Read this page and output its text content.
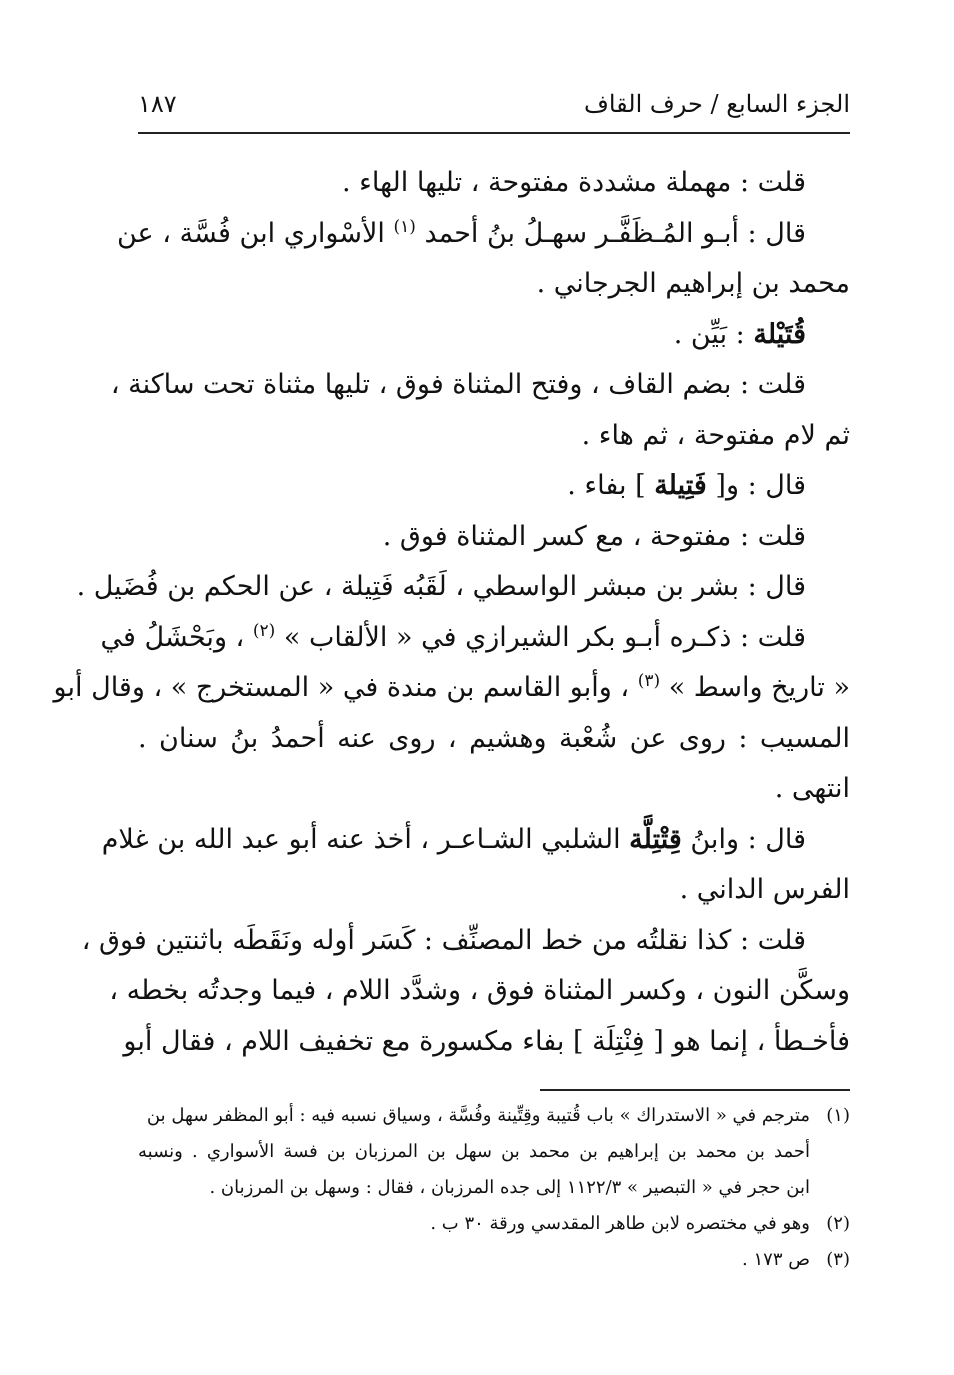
١٨٧	الجزء السابع / حرف القاف
قلت : مهملة مشددة مفتوحة ، تليها الهاء .
قال : أبـو المُـظَفَّـر سهـلُ بنُ أحمد $^{(١)}$ الأسْواري ابن فُسَّة ، عن
محمد بن إبراهيم الجرجاني .
قُتَيْلة : بَيِّن .
قلت : بضم القاف ، وفتح المثناة فوق ، تليها مثناة تحت ساكنة ،
ثم لام مفتوحة ، ثم هاء .
قال : و[ فَتِيلة ] بفاء .
قلت : مفتوحة ، مع كسر المثناة فوق .
قال : بشر بن مبشر الواسطي ، لَقَبُه فَتِيلة ، عن الحكم بن فُضَيل .
قلت : ذكـره أبـو بكر الشيرازي في « الألقاب » $^{(٢)}$ ، وبَحْشَلُ في
« تاريخ واسط » $^{(٣)}$ ، وأبو القاسم بن مندة في « المستخرج » ، وقال أبو
المسيب : روى عن شُعْبة وهشيم ، روى عنه أحمدُ بنُ سنان .
انتهى .
قال : وابنُ قِتْتِلَّة الشلبي الشـاعـر ، أخذ عنه أبو عبد الله بن غلام
الفرس الداني .
قلت : كذا نقلتُه من خط المصنِّف : كَسَر أوله ونَقَطَه باثنتين فوق ،
وسكَّن النون ، وكسر المثناة فوق ، وشدَّد اللام ، فيما وجدتُه بخطه ،
فأخـطأ ، إنما هو [ فِنْتِلَة ] بفاء مكسورة مع تخفيف اللام ، فقال أبو
(١)مترجم في « الاستدراك » باب قُتيبة وقِتِّينة وفُسَّة ، وسياق نسبه فيه : أبو المظفر سهل بن
أحمد بن محمد بن إبراهيم بن محمد بن سهل بن المرزبان بن فسة الأسواري . ونسبه
ابن حجر في « التبصير » ١١٢٢/٣ إلى جده المرزبان ، فقال : وسهل بن المرزبان .
(٢)وهو في مختصره لابن طاهر المقدسي ورقة ٣٠ ب .
(٣)ص ١٧٣ .
